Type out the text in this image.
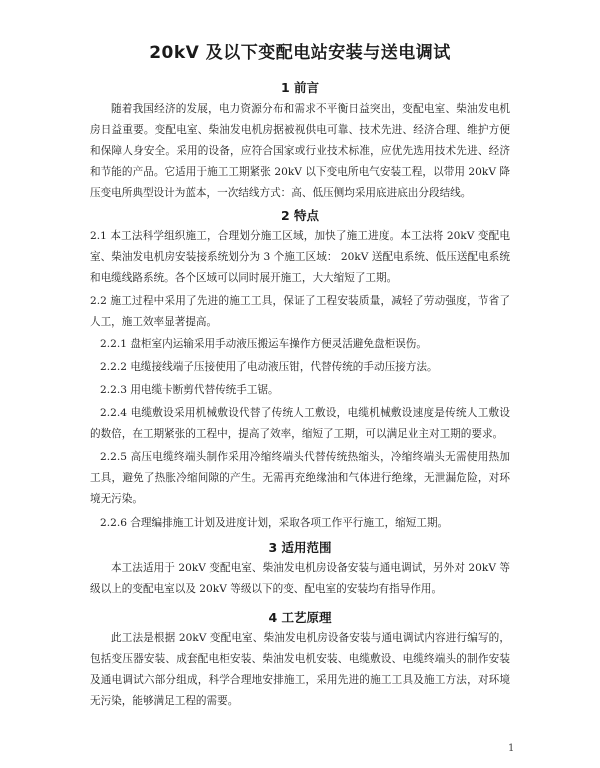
20kV 及以下变配电站安装与送电调试
1 前言
随着我国经济的发展，电力资源分布和需求不平衡日益突出，变配电室、柴油发电机房日益重要。变配电室、柴油发电机房据被视供电可靠、技术先进、经济合理、维护方便和保障人身安全。采用的设备，应符合国家或行业技术标准，应优先选用技术先进、经济和节能的产品。它适用于施工工期紧张 20kV 以下变电所电气安装工程，以带用 20kV 降压变电所典型设计为蓝本，一次结线方式：高、低压侧均采用底进底出分段结线。
2 特点
2.1 本工法科学组织施工，合理划分施工区域，加快了施工进度。本工法将 20kV 变配电室、柴油发电机房安装接系统划分为 3 个施工区域： 20kV 送配电系统、低压送配电系统和电缆线路系统。各个区域可以同时展开施工，大大缩短了工期。
2.2 施工过程中采用了先进的施工工具，保证了工程安装质量，减轻了劳动强度，节省了人工，施工效率显著提高。
2.2.1 盘柜室内运输采用手动液压搬运车操作方便灵活避免盘柜误伤。
2.2.2 电缆接线端子压接使用了电动液压钳，代替传统的手动压接方法。
2.2.3 用电缆卡断剪代替传统手工锯。
2.2.4 电缆敷设采用机械敷设代替了传统人工敷设，电缆机械敷设速度是传统人工敷设的数倍，在工期紧张的工程中，提高了效率，缩短了工期，可以满足业主对工期的要求。
2.2.5 高压电缆终端头制作采用冷缩终端头代替传统热缩头，冷缩终端头无需使用热加工具，避免了热胀冷缩间隙的产生。无需再充绝缘油和气体进行绝缘，无泄漏危险，对环境无污染。
2.2.6 合理编排施工计划及进度计划，采取各项工作平行施工，缩短工期。
3 适用范围
本工法适用于 20kV 变配电室、柴油发电机房设备安装与通电调试，另外对 20kV 等级以上的变配电室以及 20kV 等级以下的变、配电室的安装均有指导作用。
4 工艺原理
此工法是根据 20kV 变配电室、柴油发电机房设备安装与通电调试内容进行编写的，包括变压器安装、成套配电柜安装、柴油发电机安装、电缆敷设、电缆终端头的制作安装及通电调试六部分组成，科学合理地安排施工，采用先进的施工工具及施工方法，对环境无污染，能够满足工程的需要。
1
